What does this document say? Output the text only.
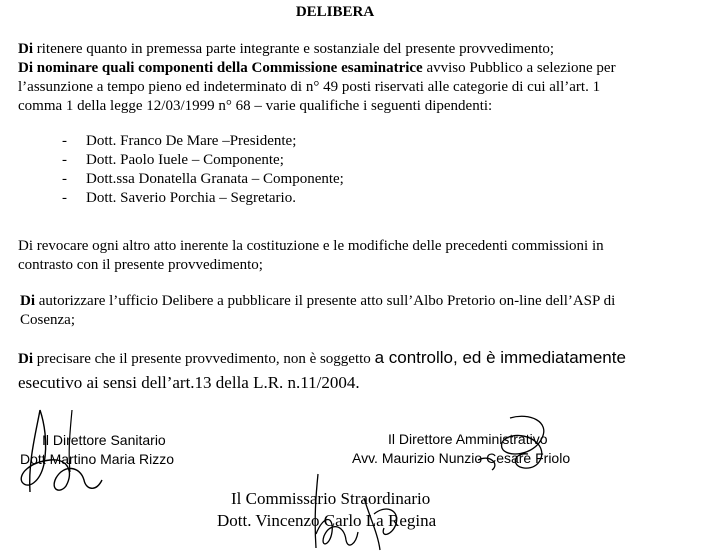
DELIBERA
Di ritenere quanto in premessa parte integrante e sostanziale del presente provvedimento;
Di nominare quali componenti della Commissione esaminatrice avviso Pubblico a selezione per
l’assunzione a tempo pieno ed indeterminato di n° 49 posti riservati alle categorie di cui all’art. 1
comma 1 della legge 12/03/1999 n° 68 – varie qualifiche i seguenti dipendenti:
- Dott. Franco De Mare –Presidente;
- Dott. Paolo Iuele – Componente;
- Dott.ssa Donatella Granata – Componente;
- Dott. Saverio Porchia – Segretario.
Di revocare ogni altro atto inerente la costituzione e le modifiche delle precedenti commissioni in
contrasto con il presente provvedimento;
Di autorizzare l’ufficio Delibere a pubblicare il presente atto sull’Albo Pretorio on-line dell’ASP di
Cosenza;
Di precisare che il presente provvedimento, non è soggetto a controllo, ed è immediatamente
esecutivo ai sensi dell’art.13 della L.R. n.11/2004.
Il Direttore Sanitario
Dott Martino Maria Rizzo
Il Direttore Amministrativo
Avv. Maurizio Nunzio Cesare Friolo
Il Commissario Straordinario
Dott. Vincenzo Carlo La Regina
